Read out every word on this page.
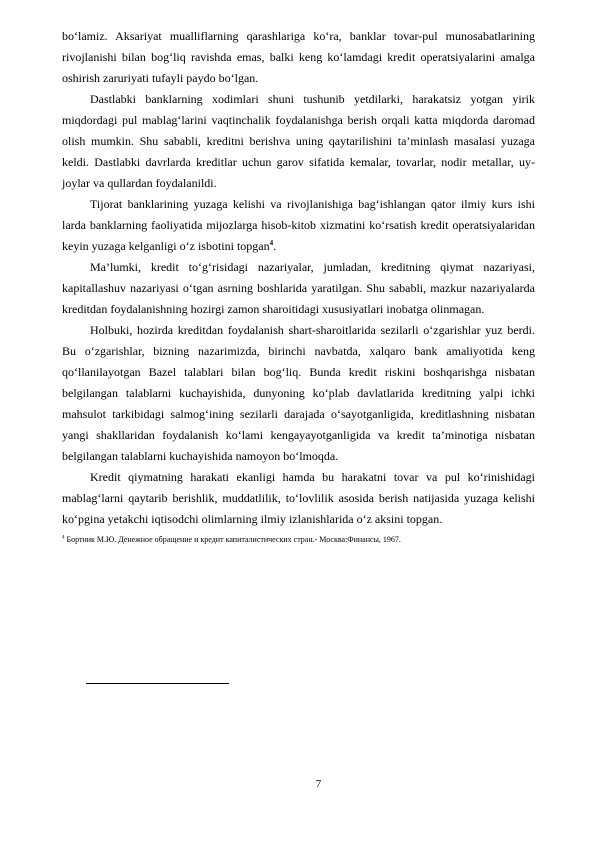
bo‘lamiz. Aksariyat mualliflarning qarashlariga ko‘ra, banklar tovar-pul munosabatlarining rivojlanishi bilan bog‘liq ravishda emas, balki keng ko‘lamdagi kredit operatsiyalarini amalga oshirish zaruriyati tufayli paydo bo‘lgan.

Dastlabki banklarning xodimlari shuni tushunib yetdilarki, harakatsiz yotgan yirik miqdordagi pul mablag‘larini vaqtinchalik foydalanishga berish orqali katta miqdorda daromad olish mumkin. Shu sababli, kreditni berishva uning qaytarilishini ta’minlash masalasi yuzaga keldi. Dastlabki davrlarda kreditlar uchun garov sifatida kemalar, tovarlar, nodir metallar, uy-joylar va qullardan foydalanildi.

Tijorat banklarining yuzaga kelishi va rivojlanishiga bag‘ishlangan qator ilmiy kurs ishi larda banklarning faoliyatida mijozlarga hisob-kitob xizmatini ko‘rsatish kredit operatsiyalaridan keyin yuzaga kelganligi o‘z isbotini topgan$^4$.

Ma’lumki, kredit to‘g‘risidagi nazariyalar, jumladan, kreditning qiymat nazariyasi, kapitallashuv nazariyasi o‘tgan asrning boshlarida yaratilgan. Shu sababli, mazkur nazariyalarda kreditdan foydalanishning hozirgi zamon sharoitidagi xususiyatlari inobatga olinmagan.

Holbuki, hozirda kreditdan foydalanish shart-sharoitlarida sezilarli o‘zgarishlar yuz berdi. Bu o‘zgarishlar, bizning nazarimizda, birinchi navbatda, xalqaro bank amaliyotida keng qo‘llanilayotgan Bazel talablari bilan bog‘liq. Bunda kredit riskini boshqarishga nisbatan belgilangan talablarni kuchayishida, dunyoning ko‘plab davlatlarida kreditning yalpi ichki mahsulot tarkibidagi salmog‘ining sezilarli darajada o‘sayotganligida, kreditlashning nisbatan yangi shakllaridan foydalanish ko‘lami kengayayotganligida va kredit ta’minotiga nisbatan belgilangan talablarni kuchayishida namoyon bo‘lmoqda.

Kredit qiymatning harakati ekanligi hamda bu harakatni tovar va pul ko‘rinishidagi mablag‘larni qaytarib berishlik, muddatlilik, to‘lovlilik asosida berish natijasida yuzaga kelishi ko‘pgina yetakchi iqtisodchi olimlarning ilmiy izlanishlarida o‘z aksini topgan.

$^4$ Бортник М.Ю. Денежное обращение и кредит капиталистических стран.- Москва:Финансы, 1967.

7
